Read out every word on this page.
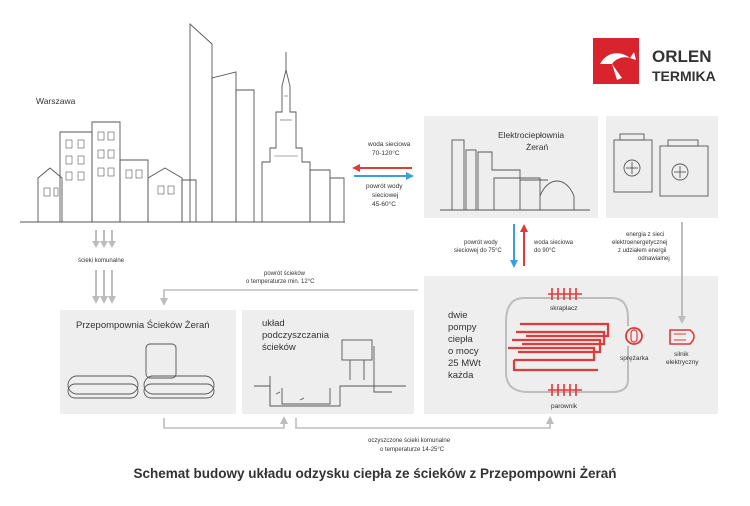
ORLEN
TERMIKA
Warszawa
Elektrociepłownia
Żerań
woda sieciowa
70-120°C
powrót wody
sieciowej
45-60°C
powrót wody
sieciowej do 75°C
woda sieciowa
do 90°C
energia z sieci
elektroenergetycznej
z udziałem energii
odnawialnej
ścieki komunalne
powrót ścieków
o temperaturze min. 12°C
oczyszczone ścieki komunalne
o temperaturze 14-25°C
Przepompownia Ścieków Żerań	układ
podczyszczania
ścieków
dwie
pompy
ciepła
o mocy
25 MWt
każda
skraplacz
sprężarka
parownik
silnik
elektryczny
Schemat budowy układu odzysku ciepła ze ścieków z Przepompowni Żerań
